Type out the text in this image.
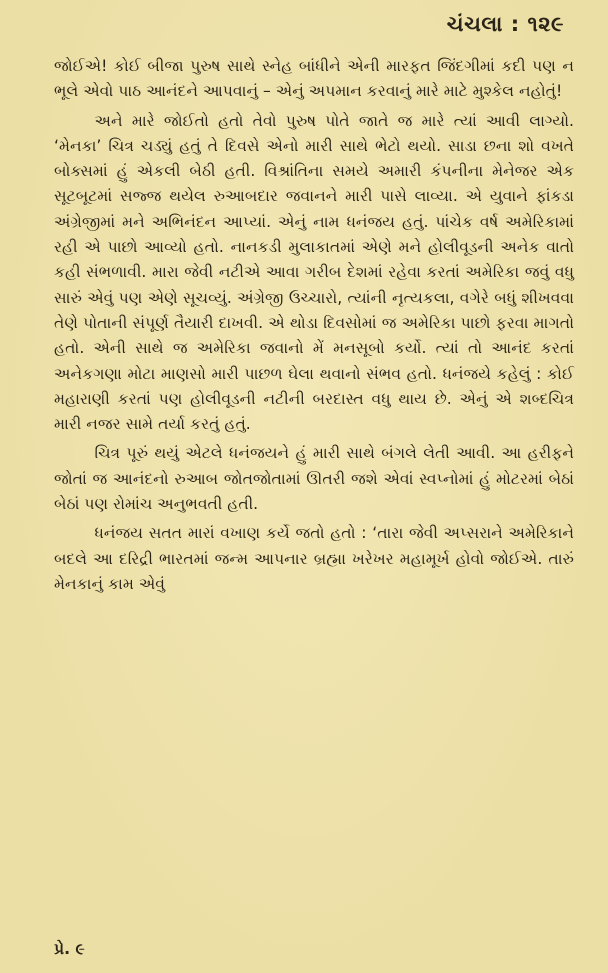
ચંચલા : ૧૨૯

જોઈએ! કોઈ બીજા પુરુષ સાથે સ્નેહ બાંધીને એની મારફત જિંદગીમાં કદી પણ ન ભૂલે એવો પાઠ આનંદને આપવાનું – એનું અપમાન કરવાનું મારે માટે મુશ્કેલ નહોતું!

અને મારે જોઈતો હતો તેવો પુરુષ પોતે જાતે જ મારે ત્યાં આવી લાગ્યો. ‘મેનકા’ ચિત્ર ચડ્યું હતું તે દિવસે એનો મારી સાથે ભેટો થયો. સાડા છના શો વખતે બોક્સમાં હું એકલી બેઠી હતી. વિશ્રાંતિના સમયે અમારી કંપનીના મેનેજર એક સૂટબૂટમાં સજ્જ થયેલ રુઆબદાર જવાનને મારી પાસે લાવ્યા. એ યુવાને ફાંકડા અંગ્રેજીમાં મને અભિનંદન આપ્યાં. એનું નામ ધનંજય હતું. પાંચેક વર્ષ અમેરિકામાં રહી એ પાછો આવ્યો હતો. નાનકડી મુલાકાતમાં એણે મને હોલીવૂડની અનેક વાતો કહી સંભળાવી. મારા જેવી નટીએ આવા ગરીબ દેશમાં રહેવા કરતાં અમેરિકા જવું વધુ સારું એવું પણ એણે સૂચવ્યું. અંગ્રેજી ઉચ્ચારો, ત્યાંની નૃત્યકલા, વગેરે બધું શીખવવા તેણે પોતાની સંપૂર્ણ તૈયારી દાખવી. એ થોડા દિવસોમાં જ અમેરિકા પાછો ફરવા માગતો હતો. એની સાથે જ અમેરિકા જવાનો મેં મનસૂબો કર્યો. ત્યાં તો આનંદ કરતાં અનેકગણા મોટા માણસો મારી પાછળ ઘેલા થવાનો સંભવ હતો. ધનંજયે કહેલું : કોઈ મહારાણી કરતાં પણ હોલીવૂડની નટીની બરદાસ્ત વધુ થાય છે. એનું એ શબ્દચિત્ર મારી નજર સામે તર્યા કરતું હતું.

ચિત્ર પૂરું થયું એટલે ધનંજયને હું મારી સાથે બંગલે લેતી આવી. આ હરીફને જોતાં જ આનંદનો રુઆબ જોતજોતામાં ઊતરી જશે એવાં સ્વપ્નોમાં હું મોટરમાં બેઠાં બેઠાં પણ રોમાંચ અનુભવતી હતી.

ધનંજય સતત મારાં વખાણ કર્યે જતો હતો : ‘તારા જેવી અપ્સરાને અમેરિકાને બદલે આ દરિદ્રી ભારતમાં જન્મ આપનાર બ્રહ્મા ખરેખર મહામૂર્ખ હોવો જોઈએ. તારું મેનકાનું કામ એવું

પ્રે. ૯
